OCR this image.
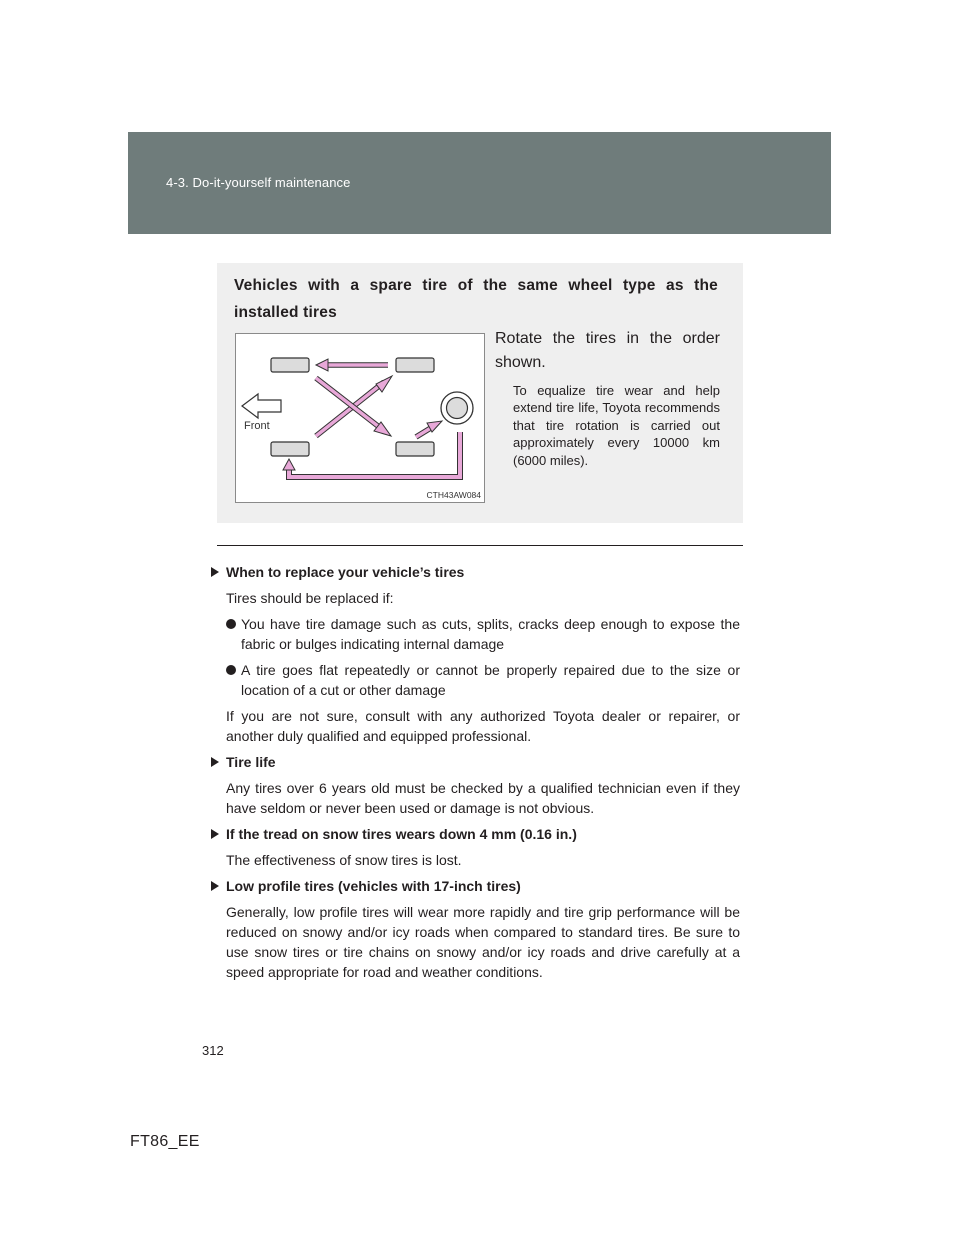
4-3. Do-it-yourself maintenance
Vehicles with a spare tire of the same wheel type as the installed tires
Front
CTH43AW084
Rotate the tires in the order shown.
To equalize tire wear and help extend tire life, Toyota recommends that tire rotation is carried out approximately every 10000 km (6000 miles).
When to replace your vehicle’s tires
Tires should be replaced if:
You have tire damage such as cuts, splits, cracks deep enough to expose the fabric or bulges indicating internal damage
A tire goes flat repeatedly or cannot be properly repaired due to the size or location of a cut or other damage
If you are not sure, consult with any authorized Toyota dealer or repairer, or another duly qualified and equipped professional.
Tire life
Any tires over 6 years old must be checked by a qualified technician even if they have seldom or never been used or damage is not obvious.
If the tread on snow tires wears down 4 mm (0.16 in.)
The effectiveness of snow tires is lost.
Low profile tires (vehicles with 17-inch tires)
Generally, low profile tires will wear more rapidly and tire grip performance will be reduced on snowy and/or icy roads when compared to standard tires. Be sure to use snow tires or tire chains on snowy and/or icy roads and drive carefully at a speed appropriate for road and weather conditions.
312
FT86_EE
